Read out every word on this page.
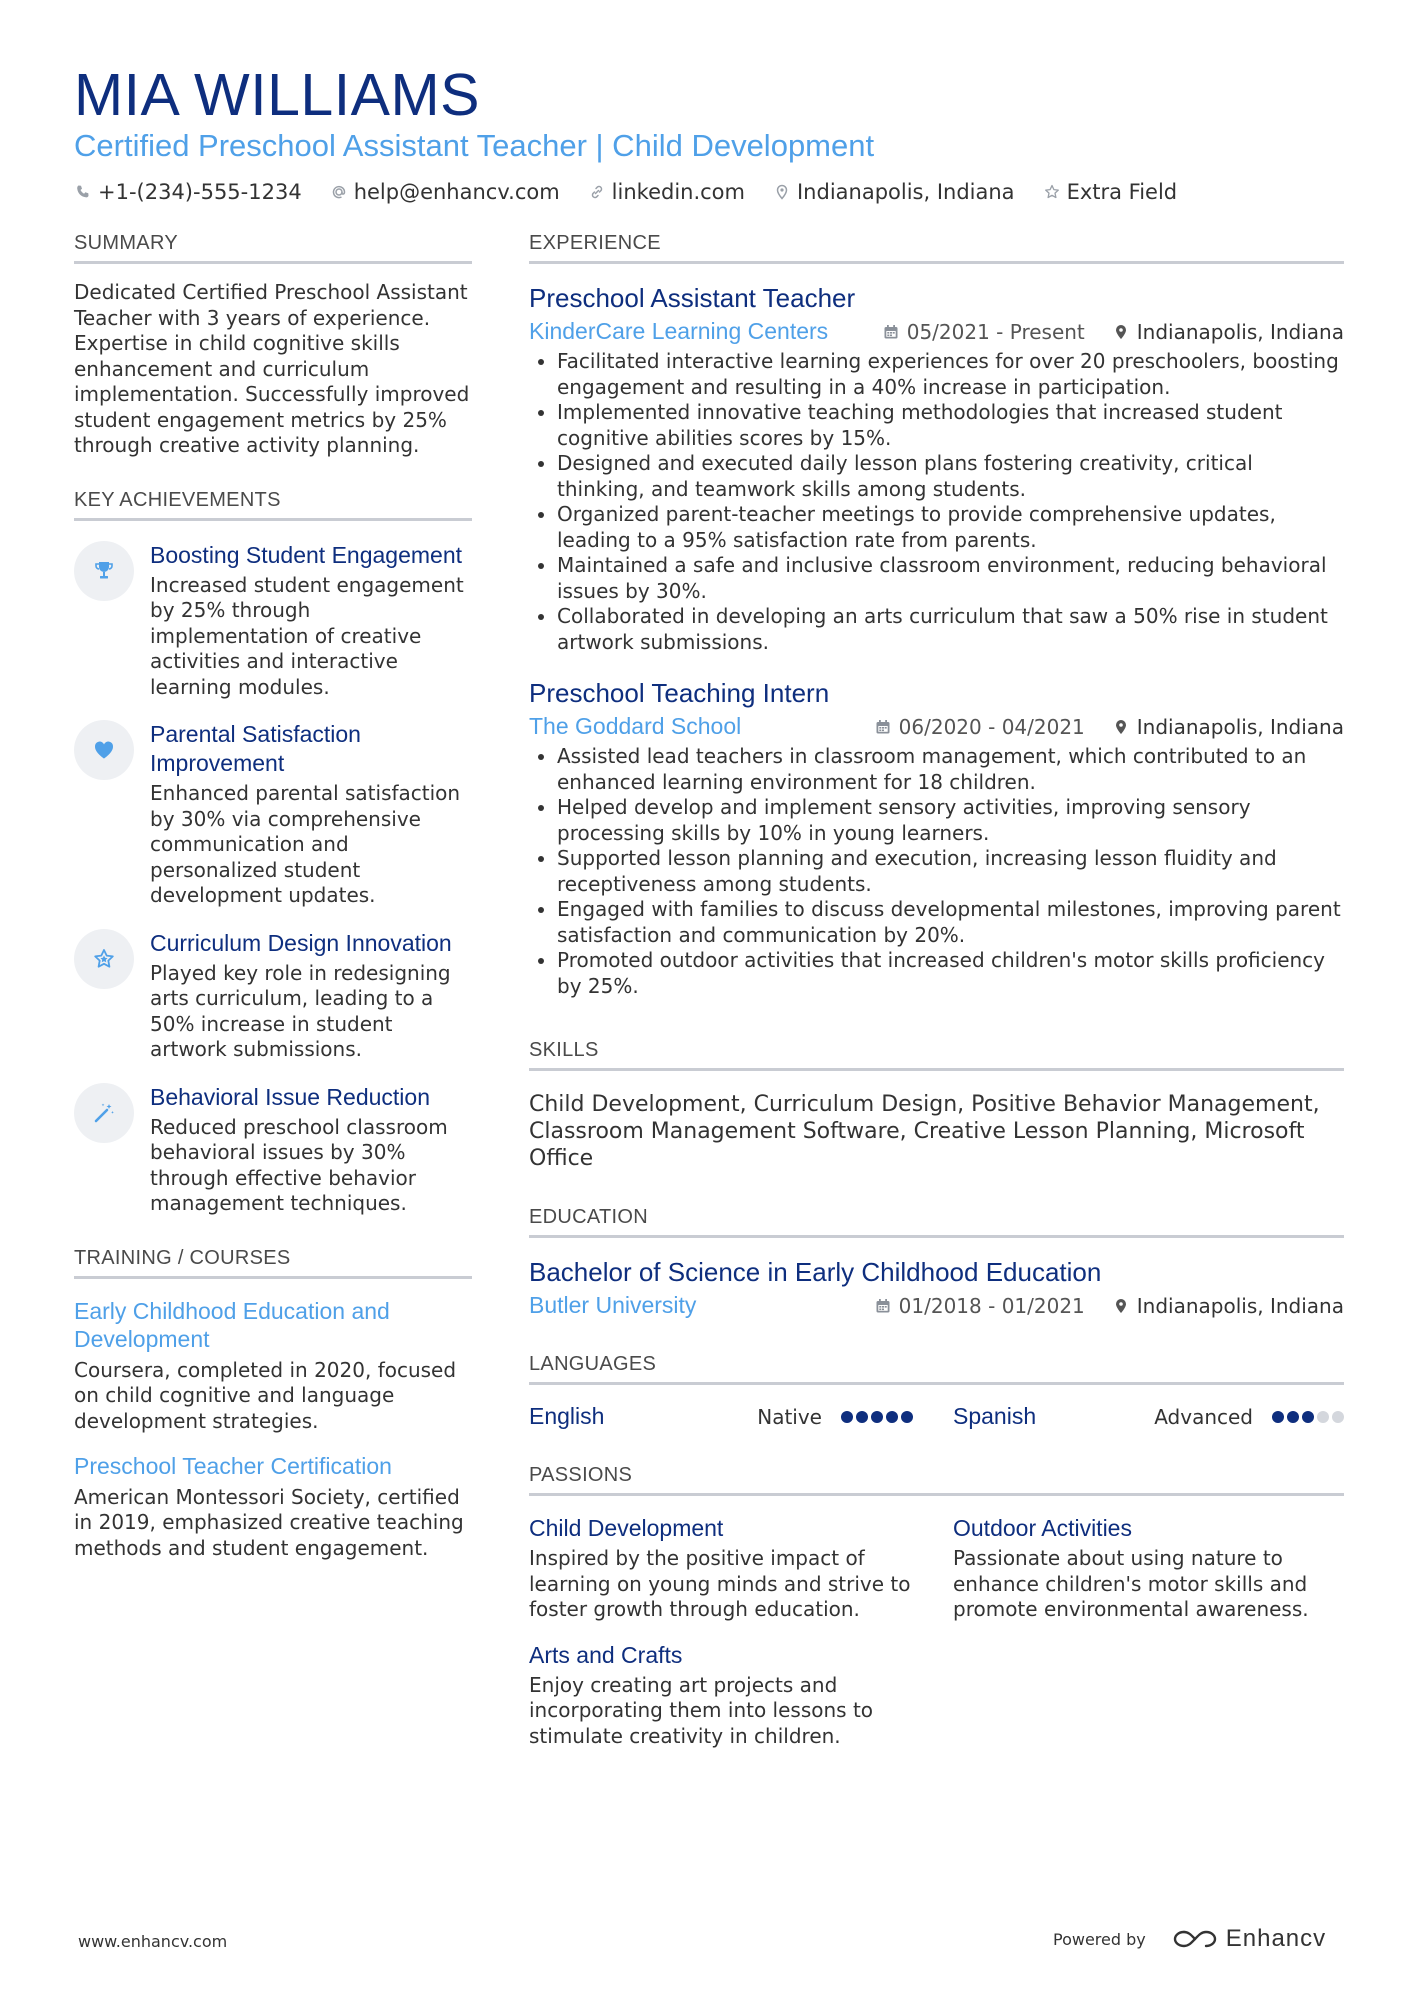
MIA WILLIAMS
Certified Preschool Assistant Teacher | Child Development
+1-(234)-555-1234 help@enhancv.com linkedin.com Indianapolis, Indiana Extra Field
SUMMARY
Dedicated Certified Preschool Assistant Teacher with 3 years of experience. Expertise in child cognitive skills enhancement and curriculum implementation. Successfully improved student engagement metrics by 25% through creative activity planning.
KEY ACHIEVEMENTS
Boosting Student Engagement
Increased student engagement by 25% through implementation of creative activities and interactive learning modules.
Parental Satisfaction Improvement
Enhanced parental satisfaction by 30% via comprehensive communication and personalized student development updates.
Curriculum Design Innovation
Played key role in redesigning arts curriculum, leading to a 50% increase in student artwork submissions.
Behavioral Issue Reduction
Reduced preschool classroom behavioral issues by 30% through effective behavior management techniques.
TRAINING / COURSES
Early Childhood Education and Development
Coursera, completed in 2020, focused on child cognitive and language development strategies.
Preschool Teacher Certification
American Montessori Society, certified in 2019, emphasized creative teaching methods and student engagement.
EXPERIENCE
Preschool Assistant Teacher
KinderCare Learning Centers	05/2021 - Present	Indianapolis, Indiana
• Facilitated interactive learning experiences for over 20 preschoolers, boosting engagement and resulting in a 40% increase in participation.
• Implemented innovative teaching methodologies that increased student cognitive abilities scores by 15%.
• Designed and executed daily lesson plans fostering creativity, critical thinking, and teamwork skills among students.
• Organized parent-teacher meetings to provide comprehensive updates, leading to a 95% satisfaction rate from parents.
• Maintained a safe and inclusive classroom environment, reducing behavioral issues by 30%.
• Collaborated in developing an arts curriculum that saw a 50% rise in student artwork submissions.
Preschool Teaching Intern
The Goddard School	06/2020 - 04/2021	Indianapolis, Indiana
• Assisted lead teachers in classroom management, which contributed to an enhanced learning environment for 18 children.
• Helped develop and implement sensory activities, improving sensory processing skills by 10% in young learners.
• Supported lesson planning and execution, increasing lesson fluidity and receptiveness among students.
• Engaged with families to discuss developmental milestones, improving parent satisfaction and communication by 20%.
• Promoted outdoor activities that increased children's motor skills proficiency by 25%.
SKILLS
Child Development, Curriculum Design, Positive Behavior Management, Classroom Management Software, Creative Lesson Planning, Microsoft Office
EDUCATION
Bachelor of Science in Early Childhood Education
Butler University	01/2018 - 01/2021	Indianapolis, Indiana
LANGUAGES
English	Native	Spanish	Advanced
PASSIONS
Child Development
Inspired by the positive impact of learning on young minds and strive to foster growth through education.
Outdoor Activities
Passionate about using nature to enhance children's motor skills and promote environmental awareness.
Arts and Crafts
Enjoy creating art projects and incorporating them into lessons to stimulate creativity in children.
www.enhancv.com	Powered by	Enhancv
